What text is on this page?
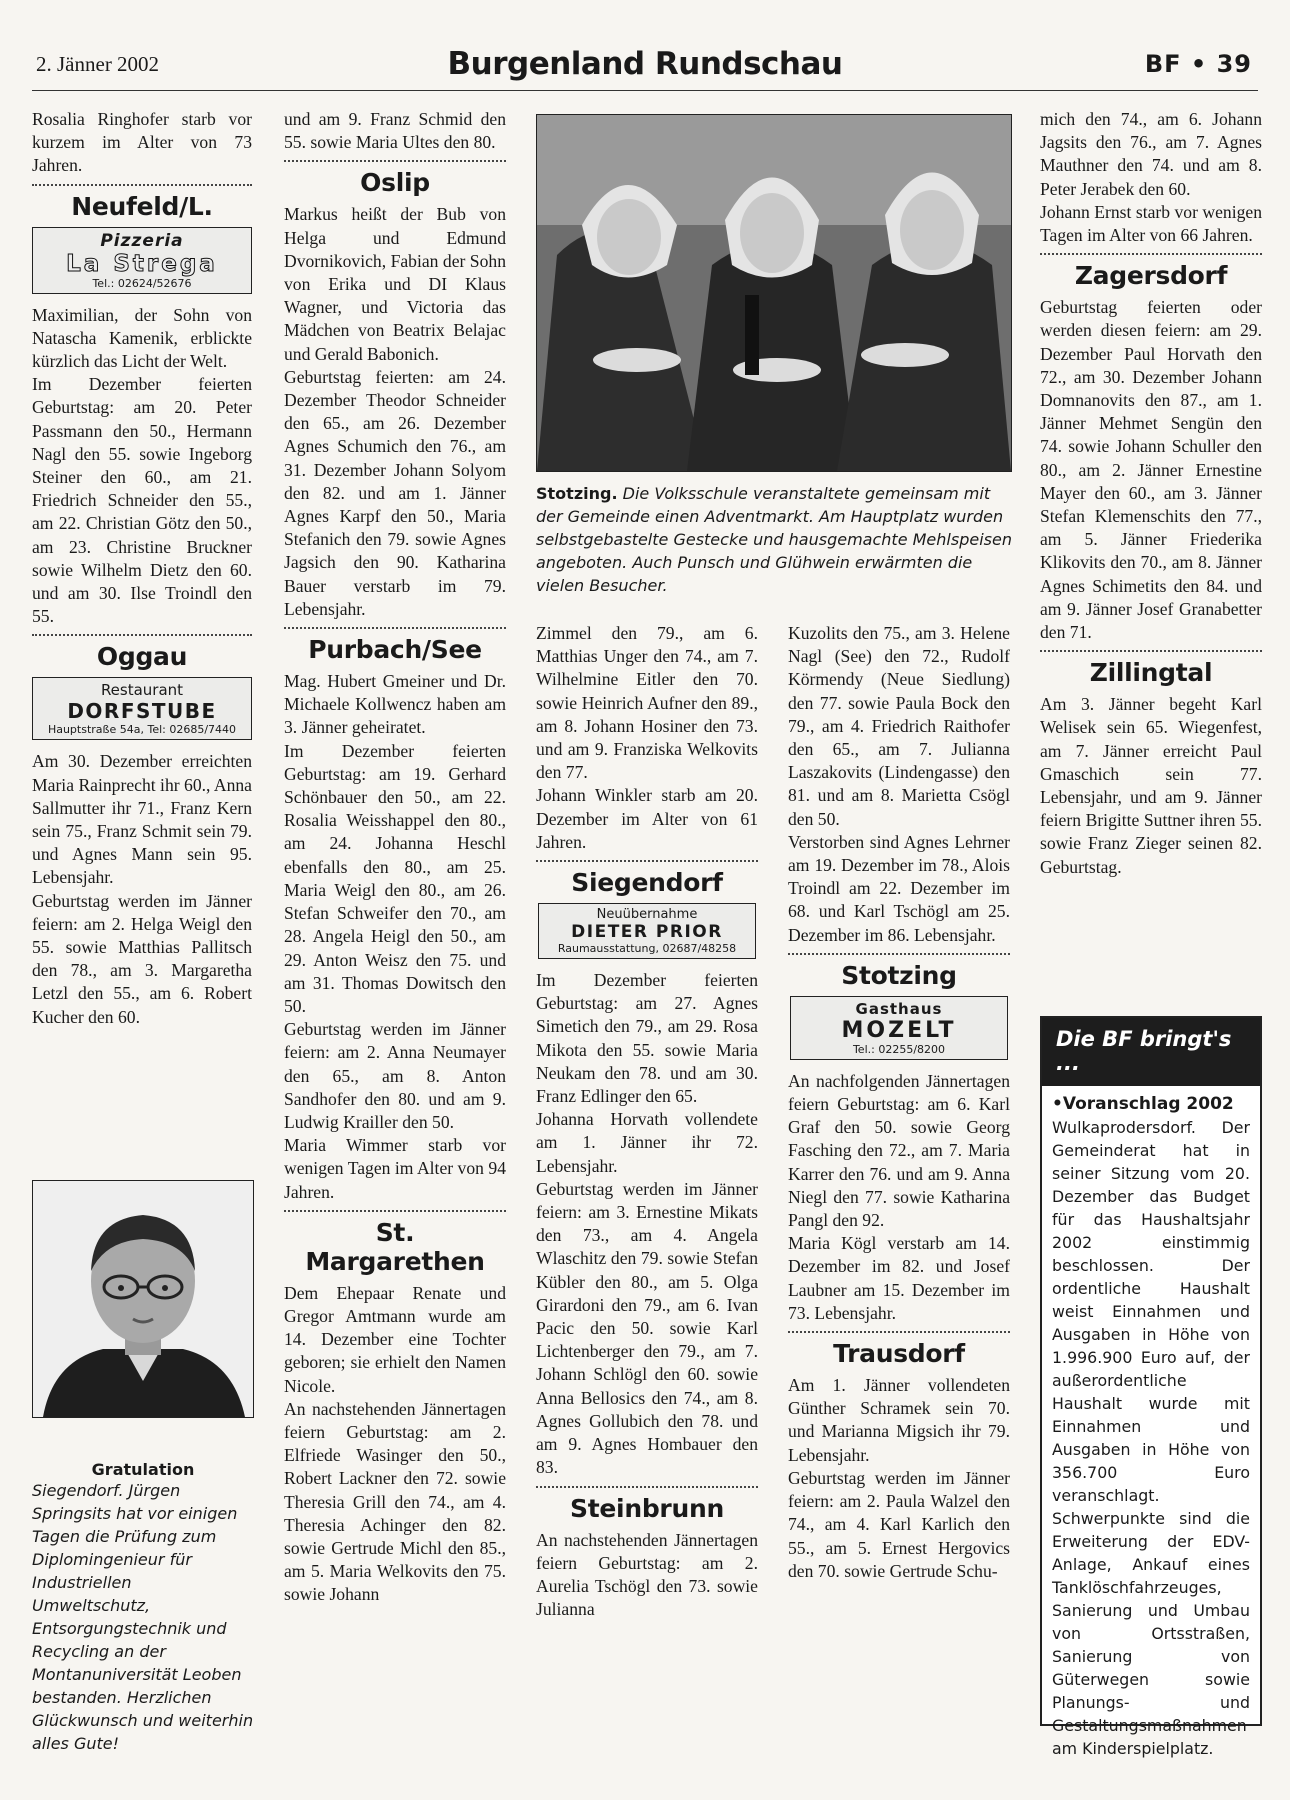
2. Jänner 2002	Burgenland Rundschau	BF • 39

Rosalia Ringhofer starb vor kurzem im Alter von 73 Jahren.

Neufeld/L.
Pizzeria
La Strega
Tel.: 02624/52676

Maximilian, der Sohn von Natascha Kamenik, erblickte kürzlich das Licht der Welt.

Im Dezember feierten Geburtstag: am 20. Peter Passmann den 50., Hermann Nagl den 55. sowie Ingeborg Steiner den 60., am 21. Friedrich Schneider den 55., am 22. Christian Götz den 50., am 23. Christine Bruckner sowie Wilhelm Dietz den 60. und am 30. Ilse Troindl den 55.

Oggau
Restaurant
DORFSTUBE
Hauptstraße 54a, Tel: 02685/7440

Am 30. Dezember erreichten Maria Rainprecht ihr 60., Anna Sallmutter ihr 71., Franz Kern sein 75., Franz Schmit sein 79. und Agnes Mann sein 95. Lebensjahr.

Geburtstag werden im Jänner feiern: am 2. Helga Weigl den 55. sowie Matthias Pallitsch den 78., am 3. Margaretha Letzl den 55., am 6. Robert Kucher den 60.

Gratulation

Siegendorf. Jürgen Springsits hat vor einigen Tagen die Prüfung zum Diplomingenieur für Industriellen Umweltschutz, Entsorgungstechnik und Recycling an der Montanuniversität Leoben bestanden. Herzlichen Glückwunsch und weiterhin alles Gute!

und am 9. Franz Schmid den 55. sowie Maria Ultes den 80.

Oslip

Markus heißt der Bub von Helga und Edmund Dvornikovich, Fabian der Sohn von Erika und DI Klaus Wagner, und Victoria das Mädchen von Beatrix Belajac und Gerald Babonich.

Geburtstag feierten: am 24. Dezember Theodor Schneider den 65., am 26. Dezember Agnes Schumich den 76., am 31. Dezember Johann Solyom den 82. und am 1. Jänner Agnes Karpf den 50., Maria Stefanich den 79. sowie Agnes Jagsich den 90. Katharina Bauer verstarb im 79. Lebensjahr.

Purbach/See

Mag. Hubert Gmeiner und Dr. Michaele Kollwencz haben am 3. Jänner geheiratet.

Im Dezember feierten Geburtstag: am 19. Gerhard Schönbauer den 50., am 22. Rosalia Weisshappel den 80., am 24. Johanna Heschl ebenfalls den 80., am 25. Maria Weigl den 80., am 26. Stefan Schweifer den 70., am 28. Angela Heigl den 50., am 29. Anton Weisz den 75. und am 31. Thomas Dowitsch den 50.

Geburtstag werden im Jänner feiern: am 2. Anna Neumayer den 65., am 8. Anton Sandhofer den 80. und am 9. Ludwig Krailler den 50.

Maria Wimmer starb vor wenigen Tagen im Alter von 94 Jahren.

St. Margarethen

Dem Ehepaar Renate und Gregor Amtmann wurde am 14. Dezember eine Tochter geboren; sie erhielt den Namen Nicole.

An nachstehenden Jännertagen feiern Geburtstag: am 2. Elfriede Wasinger den 50., Robert Lackner den 72. sowie Theresia Grill den 74., am 4. Theresia Achinger den 82. sowie Gertrude Michl den 85., am 5. Maria Welkovits den 75. sowie Johann

Stotzing. Die Volksschule veranstaltete gemeinsam mit der Gemeinde einen Adventmarkt. Am Hauptplatz wurden selbstgebastelte Gestecke und hausgemachte Mehlspeisen angeboten. Auch Punsch und Glühwein erwärmten die vielen Besucher.

Zimmel den 79., am 6. Matthias Unger den 74., am 7. Wilhelmine Eitler den 70. sowie Heinrich Aufner den 89., am 8. Johann Hosiner den 73. und am 9. Franziska Welkovits den 77.

Johann Winkler starb am 20. Dezember im Alter von 61 Jahren.

Siegendorf
Neuübernahme
DIETER PRIOR
Raumausstattung, 02687/48258

Im Dezember feierten Geburtstag: am 27. Agnes Simetich den 79., am 29. Rosa Mikota den 55. sowie Maria Neukam den 78. und am 30. Franz Edlinger den 65.

Johanna Horvath vollendete am 1. Jänner ihr 72. Lebensjahr.

Geburtstag werden im Jänner feiern: am 3. Ernestine Mikats den 73., am 4. Angela Wlaschitz den 79. sowie Stefan Kübler den 80., am 5. Olga Girardoni den 79., am 6. Ivan Pacic den 50. sowie Karl Lichtenberger den 79., am 7. Johann Schlögl den 60. sowie Anna Bellosics den 74., am 8. Agnes Gollubich den 78. und am 9. Agnes Hombauer den 83.

Steinbrunn

An nachstehenden Jännertagen feiern Geburtstag: am 2. Aurelia Tschögl den 73. sowie Julianna

Kuzolits den 75., am 3. Helene Nagl (See) den 72., Rudolf Körmendy (Neue Siedlung) den 77. sowie Paula Bock den 79., am 4. Friedrich Raithofer den 65., am 7. Julianna Laszakovits (Lindengasse) den 81. und am 8. Marietta Csögl den 50.

Verstorben sind Agnes Lehrner am 19. Dezember im 78., Alois Troindl am 22. Dezember im 68. und Karl Tschögl am 25. Dezember im 86. Lebensjahr.

Stotzing
Gasthaus
MOZELT
Tel.: 02255/8200

An nachfolgenden Jännertagen feiern Geburtstag: am 6. Karl Graf den 50. sowie Georg Fasching den 72., am 7. Maria Karrer den 76. und am 9. Anna Niegl den 77. sowie Katharina Pangl den 92.

Maria Kögl verstarb am 14. Dezember im 82. und Josef Laubner am 15. Dezember im 73. Lebensjahr.

Trausdorf

Am 1. Jänner vollendeten Günther Schramek sein 70. und Marianna Migsich ihr 79. Lebensjahr.

Geburtstag werden im Jänner feiern: am 2. Paula Walzel den 74., am 4. Karl Karlich den 55., am 5. Ernest Hergovics den 70. sowie Gertrude Schu-

mich den 74., am 6. Johann Jagsits den 76., am 7. Agnes Mauthner den 74. und am 8. Peter Jerabek den 60.

Johann Ernst starb vor wenigen Tagen im Alter von 66 Jahren.

Zagersdorf

Geburtstag feierten oder werden diesen feiern: am 29. Dezember Paul Horvath den 72., am 30. Dezember Johann Domnanovits den 87., am 1. Jänner Mehmet Sengün den 74. sowie Johann Schuller den 80., am 2. Jänner Ernestine Mayer den 60., am 3. Jänner Stefan Klemenschits den 77., am 5. Jänner Friederika Klikovits den 70., am 8. Jänner Agnes Schimetits den 84. und am 9. Jänner Josef Granabetter den 71.

Zillingtal

Am 3. Jänner begeht Karl Welisek sein 65. Wiegenfest, am 7. Jänner erreicht Paul Gmaschich sein 77. Lebensjahr, und am 9. Jänner feiern Brigitte Suttner ihren 55. sowie Franz Zieger seinen 82. Geburtstag.

Die BF bringt's ...
•Voranschlag 2002

Wulkaprodersdorf. Der Gemeinderat hat in seiner Sitzung vom 20. Dezember das Budget für das Haushaltsjahr 2002 einstimmig beschlossen. Der ordentliche Haushalt weist Einnahmen und Ausgaben in Höhe von 1.996.900 Euro auf, der außerordentliche Haushalt wurde mit Einnahmen und Ausgaben in Höhe von 356.700 Euro veranschlagt. Schwerpunkte sind die Erweiterung der EDV-Anlage, Ankauf eines Tanklöschfahrzeuges, Sanierung und Umbau von Ortsstraßen, Sanierung von Güterwegen sowie Planungs- und Gestaltungsmaßnahmen am Kinderspielplatz.
